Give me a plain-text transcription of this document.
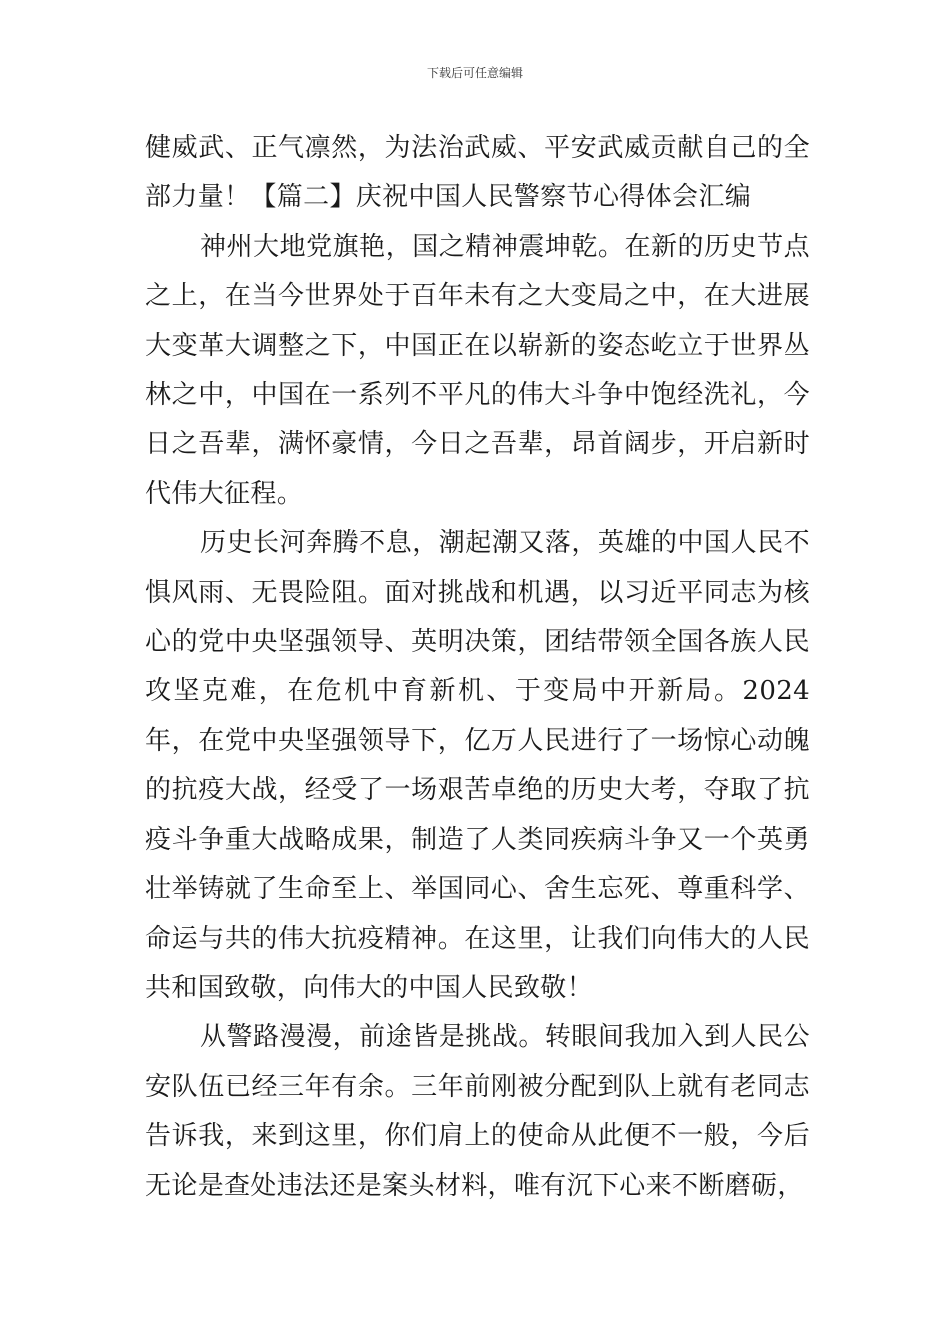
下载后可任意编辑

健威武、正气凛然，为法治武威、平安武威贡献自己的全部力量！【篇二】庆祝中国人民警察节心得体会汇编

神州大地党旗艳，国之精神震坤乾。在新的历史节点之上，在当今世界处于百年未有之大变局之中，在大进展大变革大调整之下，中国正在以崭新的姿态屹立于世界丛林之中，中国在一系列不平凡的伟大斗争中饱经洗礼，今日之吾辈，满怀豪情，今日之吾辈，昂首阔步，开启新时代伟大征程。

历史长河奔腾不息，潮起潮又落，英雄的中国人民不惧风雨、无畏险阻。面对挑战和机遇，以习近平同志为核心的党中央坚强领导、英明决策，团结带领全国各族人民攻坚克难，在危机中育新机、于变局中开新局。2024年，在党中央坚强领导下，亿万人民进行了一场惊心动魄的抗疫大战，经受了一场艰苦卓绝的历史大考，夺取了抗疫斗争重大战略成果，制造了人类同疾病斗争又一个英勇壮举铸就了生命至上、举国同心、舍生忘死、尊重科学、命运与共的伟大抗疫精神。在这里，让我们向伟大的人民共和国致敬，向伟大的中国人民致敬！

从警路漫漫，前途皆是挑战。转眼间我加入到人民公安队伍已经三年有余。三年前刚被分配到队上就有老同志告诉我，来到这里，你们肩上的使命从此便不一般，今后无论是查处违法还是案头材料，唯有沉下心来不断磨砺，
